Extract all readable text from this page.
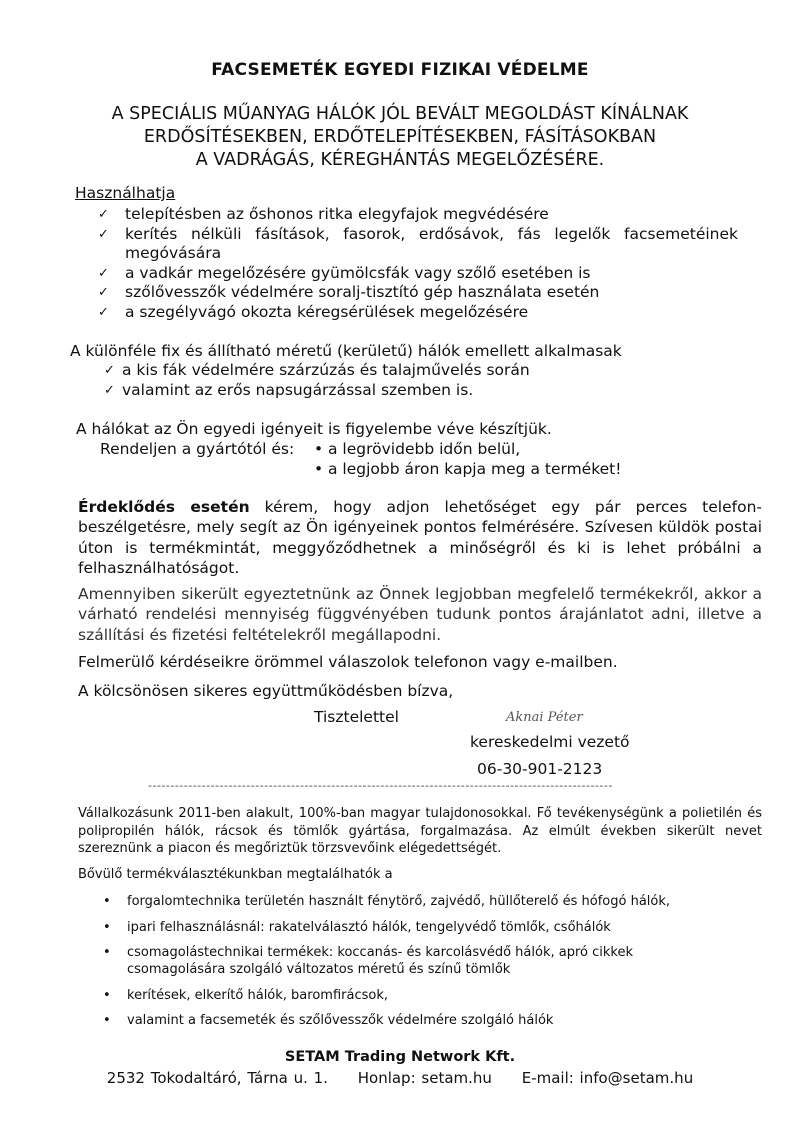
FACSEMETÉK EGYEDI FIZIKAI VÉDELME
A SPECIÁLIS MŰANYAG HÁLÓK JÓL BEVÁLT MEGOLDÁST KÍNÁLNAK
ERDŐSÍTÉSEKBEN, ERDŐTELEPÍTÉSEKBEN, FÁSÍTÁSOKBAN
A VADRÁGÁS, KÉREGHÁNTÁS MEGELŐZÉSÉRE.
Használhatja
✓ telepítésben az őshonos ritka elegyfajok megvédésére
✓ kerítés nélküli fásítások, fasorok, erdősávok, fás legelők facsemetéinek megóvására
✓ a vadkár megelőzésére gyümölcsfák vagy szőlő esetében is
✓ szőlővesszők védelmére soralj-tisztító gép használata esetén
✓ a szegélyvágó okozta kéregsérülések megelőzésére
A különféle fix és állítható méretű (kerületű) hálók emellett alkalmasak
✓ a kis fák védelmére szárzúzás és talajművelés során
✓ valamint az erős napsugárzással szemben is.
A hálókat az Ön egyedi igényeit is figyelembe véve készítjük.
Rendeljen a gyártótól és: • a legrövidebb időn belül,
• a legjobb áron kapja meg a terméket!

Érdeklődés esetén kérem, hogy adjon lehetőséget egy pár perces telefon-beszélgetésre, mely segít az Ön igényeinek pontos felmérésére. Szívesen küldök postai úton is termékmintát, meggyőződhetnek a minőségről és ki is lehet próbálni a felhasználhatóságot.

Amennyiben sikerült egyeztetnünk az Önnek legjobban megfelelő termékekről, akkor a várható rendelési mennyiség függvényében tudunk pontos árajánlatot adni, illetve a szállítási és fizetési feltételekről megállapodni.

Felmerülő kérdéseikre örömmel válaszolok telefonon vagy e-mailben.

A kölcsönösen sikeres együttműködésben bízva,

Tisztelettel	Aknai Péter
kereskedelmi vezető
06-30-901-2123
--------------------------------------------------------------------------------------------------------

Vállalkozásunk 2011-ben alakult, 100%-ban magyar tulajdonosokkal. Fő tevékenységünk a polietilén és polipropilén hálók, rácsok és tömlők gyártása, forgalmazása. Az elmúlt években sikerült nevet szereznünk a piacon és megőriztük törzsvevőink elégedettségét.

Bővülő termékválasztékunkban megtalálhatók a

• forgalomtechnika területén használt fénytörő, zajvédő, hüllőterelő és hófogó hálók,
• ipari felhasználásnál: rakatelválasztó hálók, tengelyvédő tömlők, csőhálók
• csomagolástechnikai termékek: koccanás- és karcolásvédő hálók, apró cikkek csomagolására szolgáló változatos méretű és színű tömlők
• kerítések, elkerítő hálók, baromfirácsok,
• valamint a facsemeték és szőlővesszők védelmére szolgáló hálók
SETAM Trading Network Kft.
2532 Tokodaltáró, Tárna u. 1. Honlap: setam.hu E-mail: info@setam.hu
